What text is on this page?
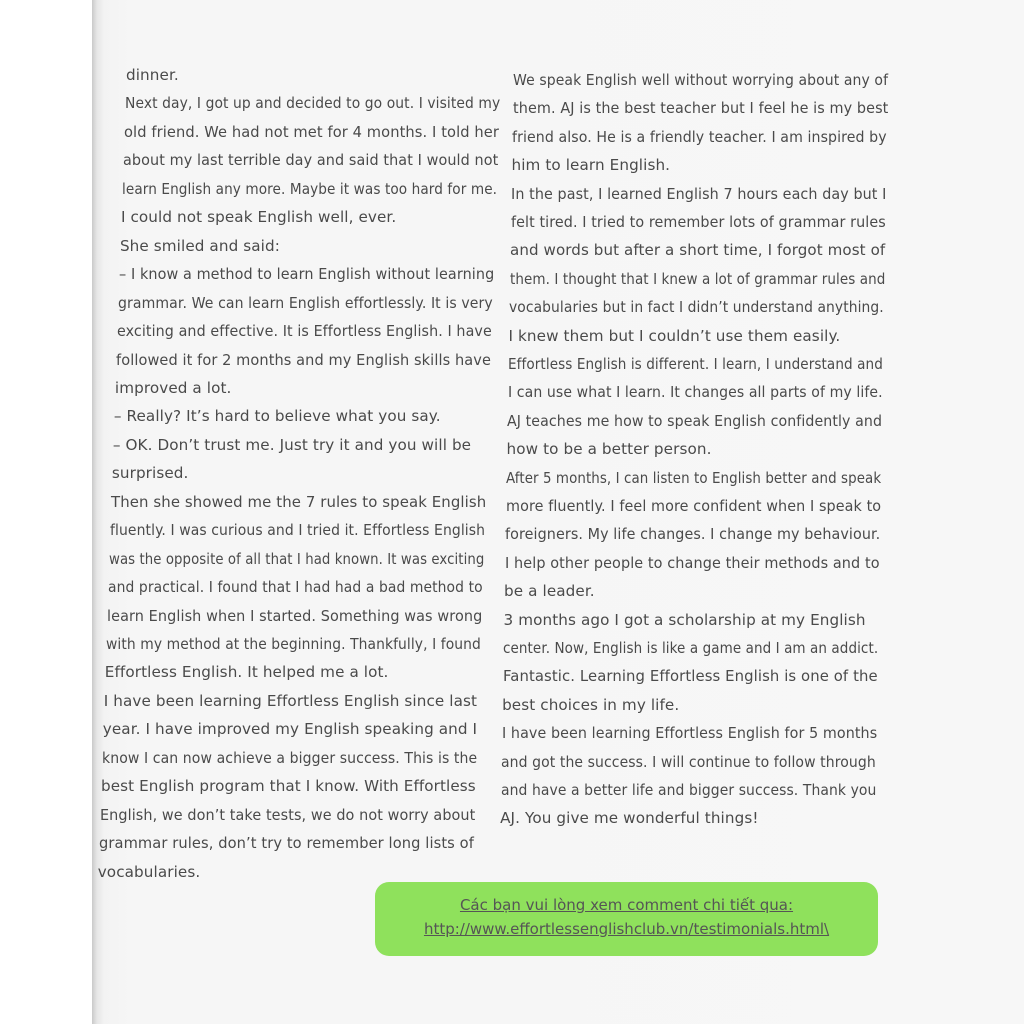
dinner.
Next day, I got up and decided to go out. I visited my
old friend. We had not met for 4 months. I told her
about my last terrible day and said that I would not
learn English any more. Maybe it was too hard for me.
I could not speak English well, ever.
She smiled and said:
– I know a method to learn English without learning
grammar. We can learn English effortlessly. It is very
exciting and effective. It is Effortless English. I have
followed it for 2 months and my English skills have
improved a lot.
– Really? It’s hard to believe what you say.
– OK. Don’t trust me. Just try it and you will be
surprised.
Then she showed me the 7 rules to speak English
fluently. I was curious and I tried it. Effortless English
was the opposite of all that I had known. It was exciting
and practical. I found that I had had a bad method to
learn English when I started. Something was wrong
with my method at the beginning. Thankfully, I found
Effortless English. It helped me a lot.
I have been learning Effortless English since last
year. I have improved my English speaking and I
know I can now achieve a bigger success. This is the
best English program that I know. With Effortless
English, we don’t take tests, we do not worry about
grammar rules, don’t try to remember long lists of
vocabularies.
We speak English well without worrying about any of
them. AJ is the best teacher but I feel he is my best
friend also. He is a friendly teacher. I am inspired by
him to learn English.
In the past, I learned English 7 hours each day but I
felt tired. I tried to remember lots of grammar rules
and words but after a short time, I forgot most of
them. I thought that I knew a lot of grammar rules and
vocabularies but in fact I didn’t understand anything.
I knew them but I couldn’t use them easily.
Effortless English is different. I learn, I understand and
I can use what I learn. It changes all parts of my life.
AJ teaches me how to speak English confidently and
how to be a better person.
After 5 months, I can listen to English better and speak
more fluently. I feel more confident when I speak to
foreigners. My life changes. I change my behaviour.
I help other people to change their methods and to
be a leader.
3 months ago I got a scholarship at my English
center. Now, English is like a game and I am an addict.
Fantastic. Learning Effortless English is one of the
best choices in my life.
I have been learning Effortless English for 5 months
and got the success. I will continue to follow through
and have a better life and bigger success. Thank you
AJ. You give me wonderful things!
Các bạn vui lòng xem comment chi tiết qua:
http://www.effortlessenglishclub.vn/testimonials.html\
